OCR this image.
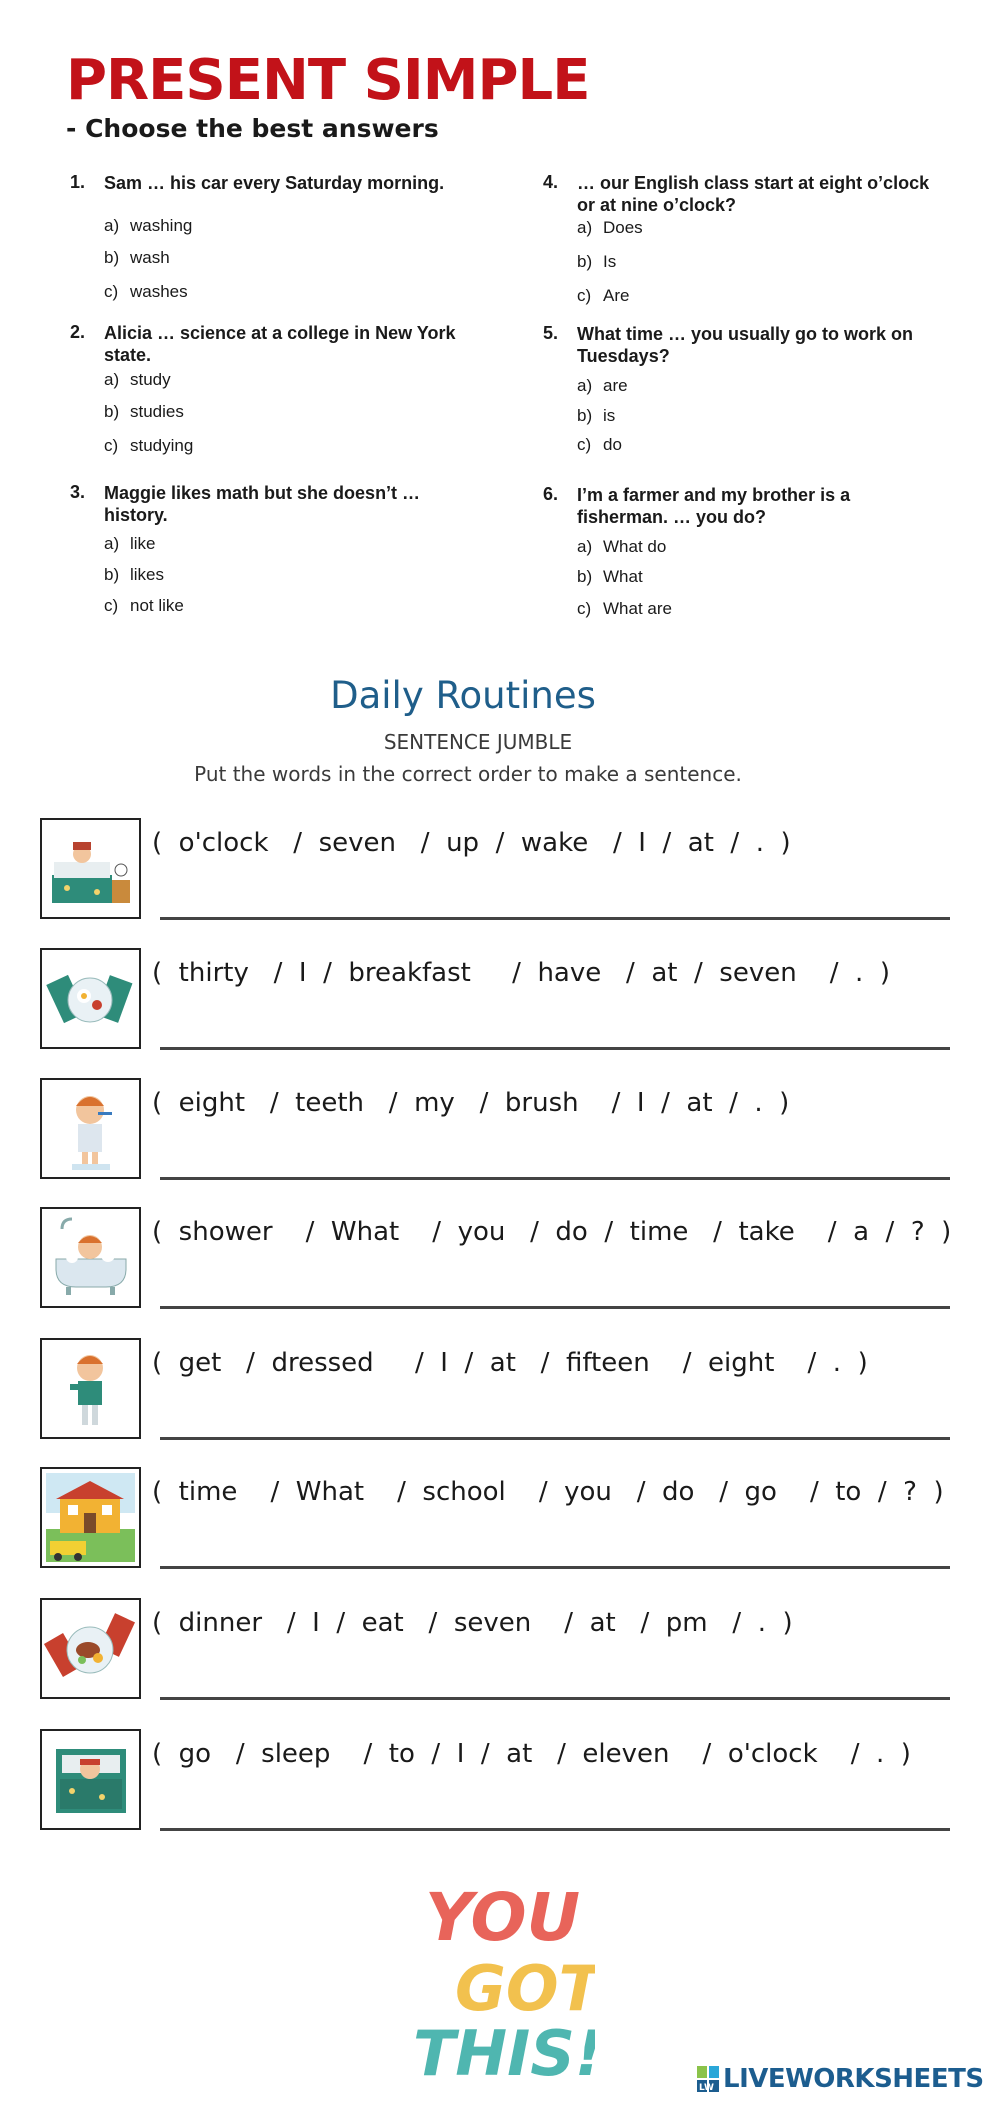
PRESENT SIMPLE
- Choose the best answers
1. Sam … his car every Saturday morning.
a) washing
b) wash
c) washes
2. Alicia … science at a college in New York state.
a) study
b) studies
c) studying
3. Maggie likes math but she doesn’t … history.
a) like
b) likes
c) not like
4. … our English class start at eight o’clock or at nine o’clock?
a) Does
b) Is
c) Are
5. What time … you usually go to work on Tuesdays?
a) are
b) is
c) do
6. I’m a farmer and my brother is a fisherman. … you do?
a) What do
b) What
c) What are
Daily Routines
SENTENCE JUMBLE
Put the words in the correct order to make a sentence.
(  o'clock   /  seven   /  up  /  wake   /  I  /  at  /  .  )
(  thirty   /  I  /  breakfast     /  have   /  at  /  seven    /  .  )
(  eight   /  teeth   /  my   /  brush    /  I  /  at  /  .  )
(  shower    /  What    /  you   /  do  /  time   /  take    /  a  /  ?  )
(  get   /  dressed     /  I  /  at   /  fifteen    /  eight    /  .  )
(  time    /  What    /  school    /  you   /  do   /  go    /  to  /  ?  )
(  dinner   /  I  /  eat   /  seven    /  at   /  pm   /  .  )
(  go   /  sleep    /  to  /  I  /  at   /  eleven    /  o'clock    /  .  )
YOU
GOT
THIS!	LW LIVEWORKSHEETS
